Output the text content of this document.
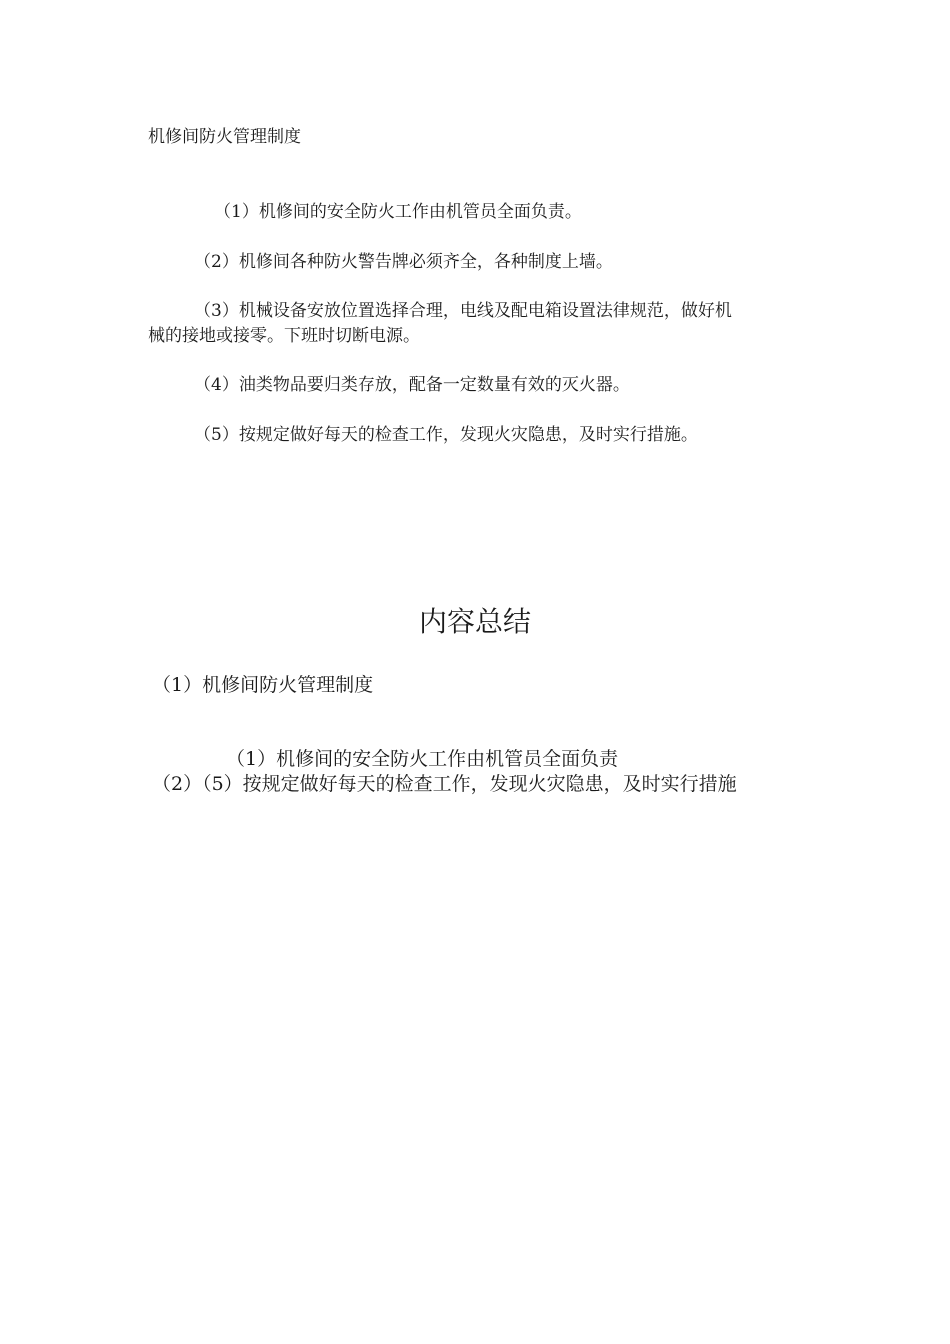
机修间防火管理制度
（1）机修间的安全防火工作由机管员全面负责。
（2）机修间各种防火警告牌必须齐全，各种制度上墙。
（3）机械设备安放位置选择合理，电线及配电箱设置法律规范，做好机
械的接地或接零。下班时切断电源。
（4）油类物品要归类存放，配备一定数量有效的灭火器。
（5）按规定做好每天的检查工作，发现火灾隐患，及时实行措施。
内容总结
（1）机修间防火管理制度
（1）机修间的安全防火工作由机管员全面负责
（2）（5）按规定做好每天的检查工作，发现火灾隐患，及时实行措施
